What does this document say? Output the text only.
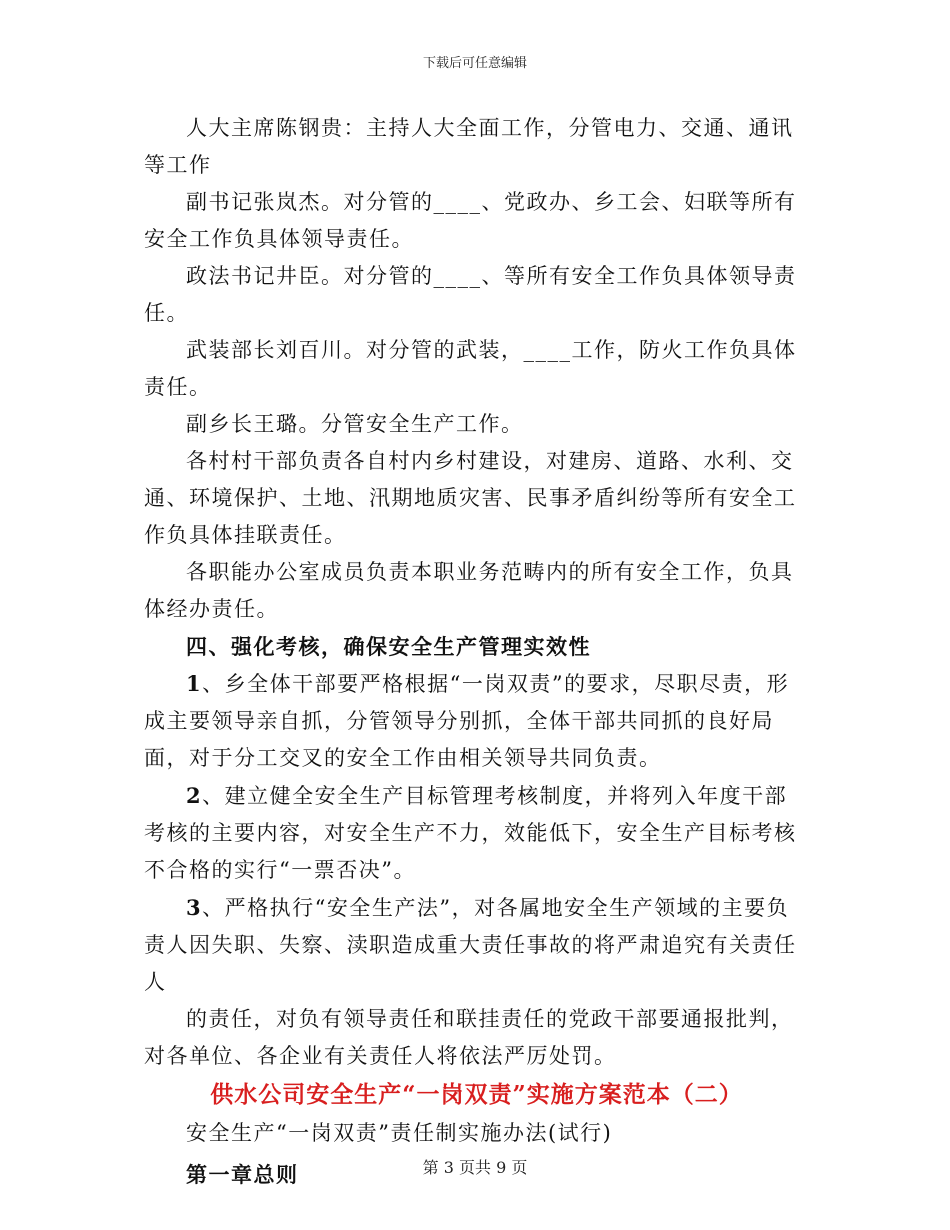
下载后可任意编辑

人大主席陈钢贵：主持人大全面工作，分管电力、交通、通讯等工作

副书记张岚杰。对分管的____、党政办、乡工会、妇联等所有安全工作负具体领导责任。

政法书记井臣。对分管的____、等所有安全工作负具体领导责任。

武装部长刘百川。对分管的武装，____工作，防火工作负具体责任。

副乡长王璐。分管安全生产工作。

各村村干部负责各自村内乡村建设，对建房、道路、水利、交通、环境保护、土地、汛期地质灾害、民事矛盾纠纷等所有安全工作负具体挂联责任。

各职能办公室成员负责本职业务范畴内的所有安全工作，负具体经办责任。

四、强化考核，确保安全生产管理实效性

1、乡全体干部要严格根据“一岗双责”的要求，尽职尽责，形成主要领导亲自抓，分管领导分别抓，全体干部共同抓的良好局面，对于分工交叉的安全工作由相关领导共同负责。

2、建立健全安全生产目标管理考核制度，并将列入年度干部考核的主要内容，对安全生产不力，效能低下，安全生产目标考核不合格的实行“一票否决”。

3、严格执行“安全生产法”，对各属地安全生产领域的主要负责人因失职、失察、渎职造成重大责任事故的将严肃追究有关责任人

的责任，对负有领导责任和联挂责任的党政干部要通报批判，对各单位、各企业有关责任人将依法严厉处罚。

供水公司安全生产“一岗双责”实施方案范本（二）

安全生产“一岗双责”责任制实施办法(试行)

第一章总则	第 3 页共 9 页
